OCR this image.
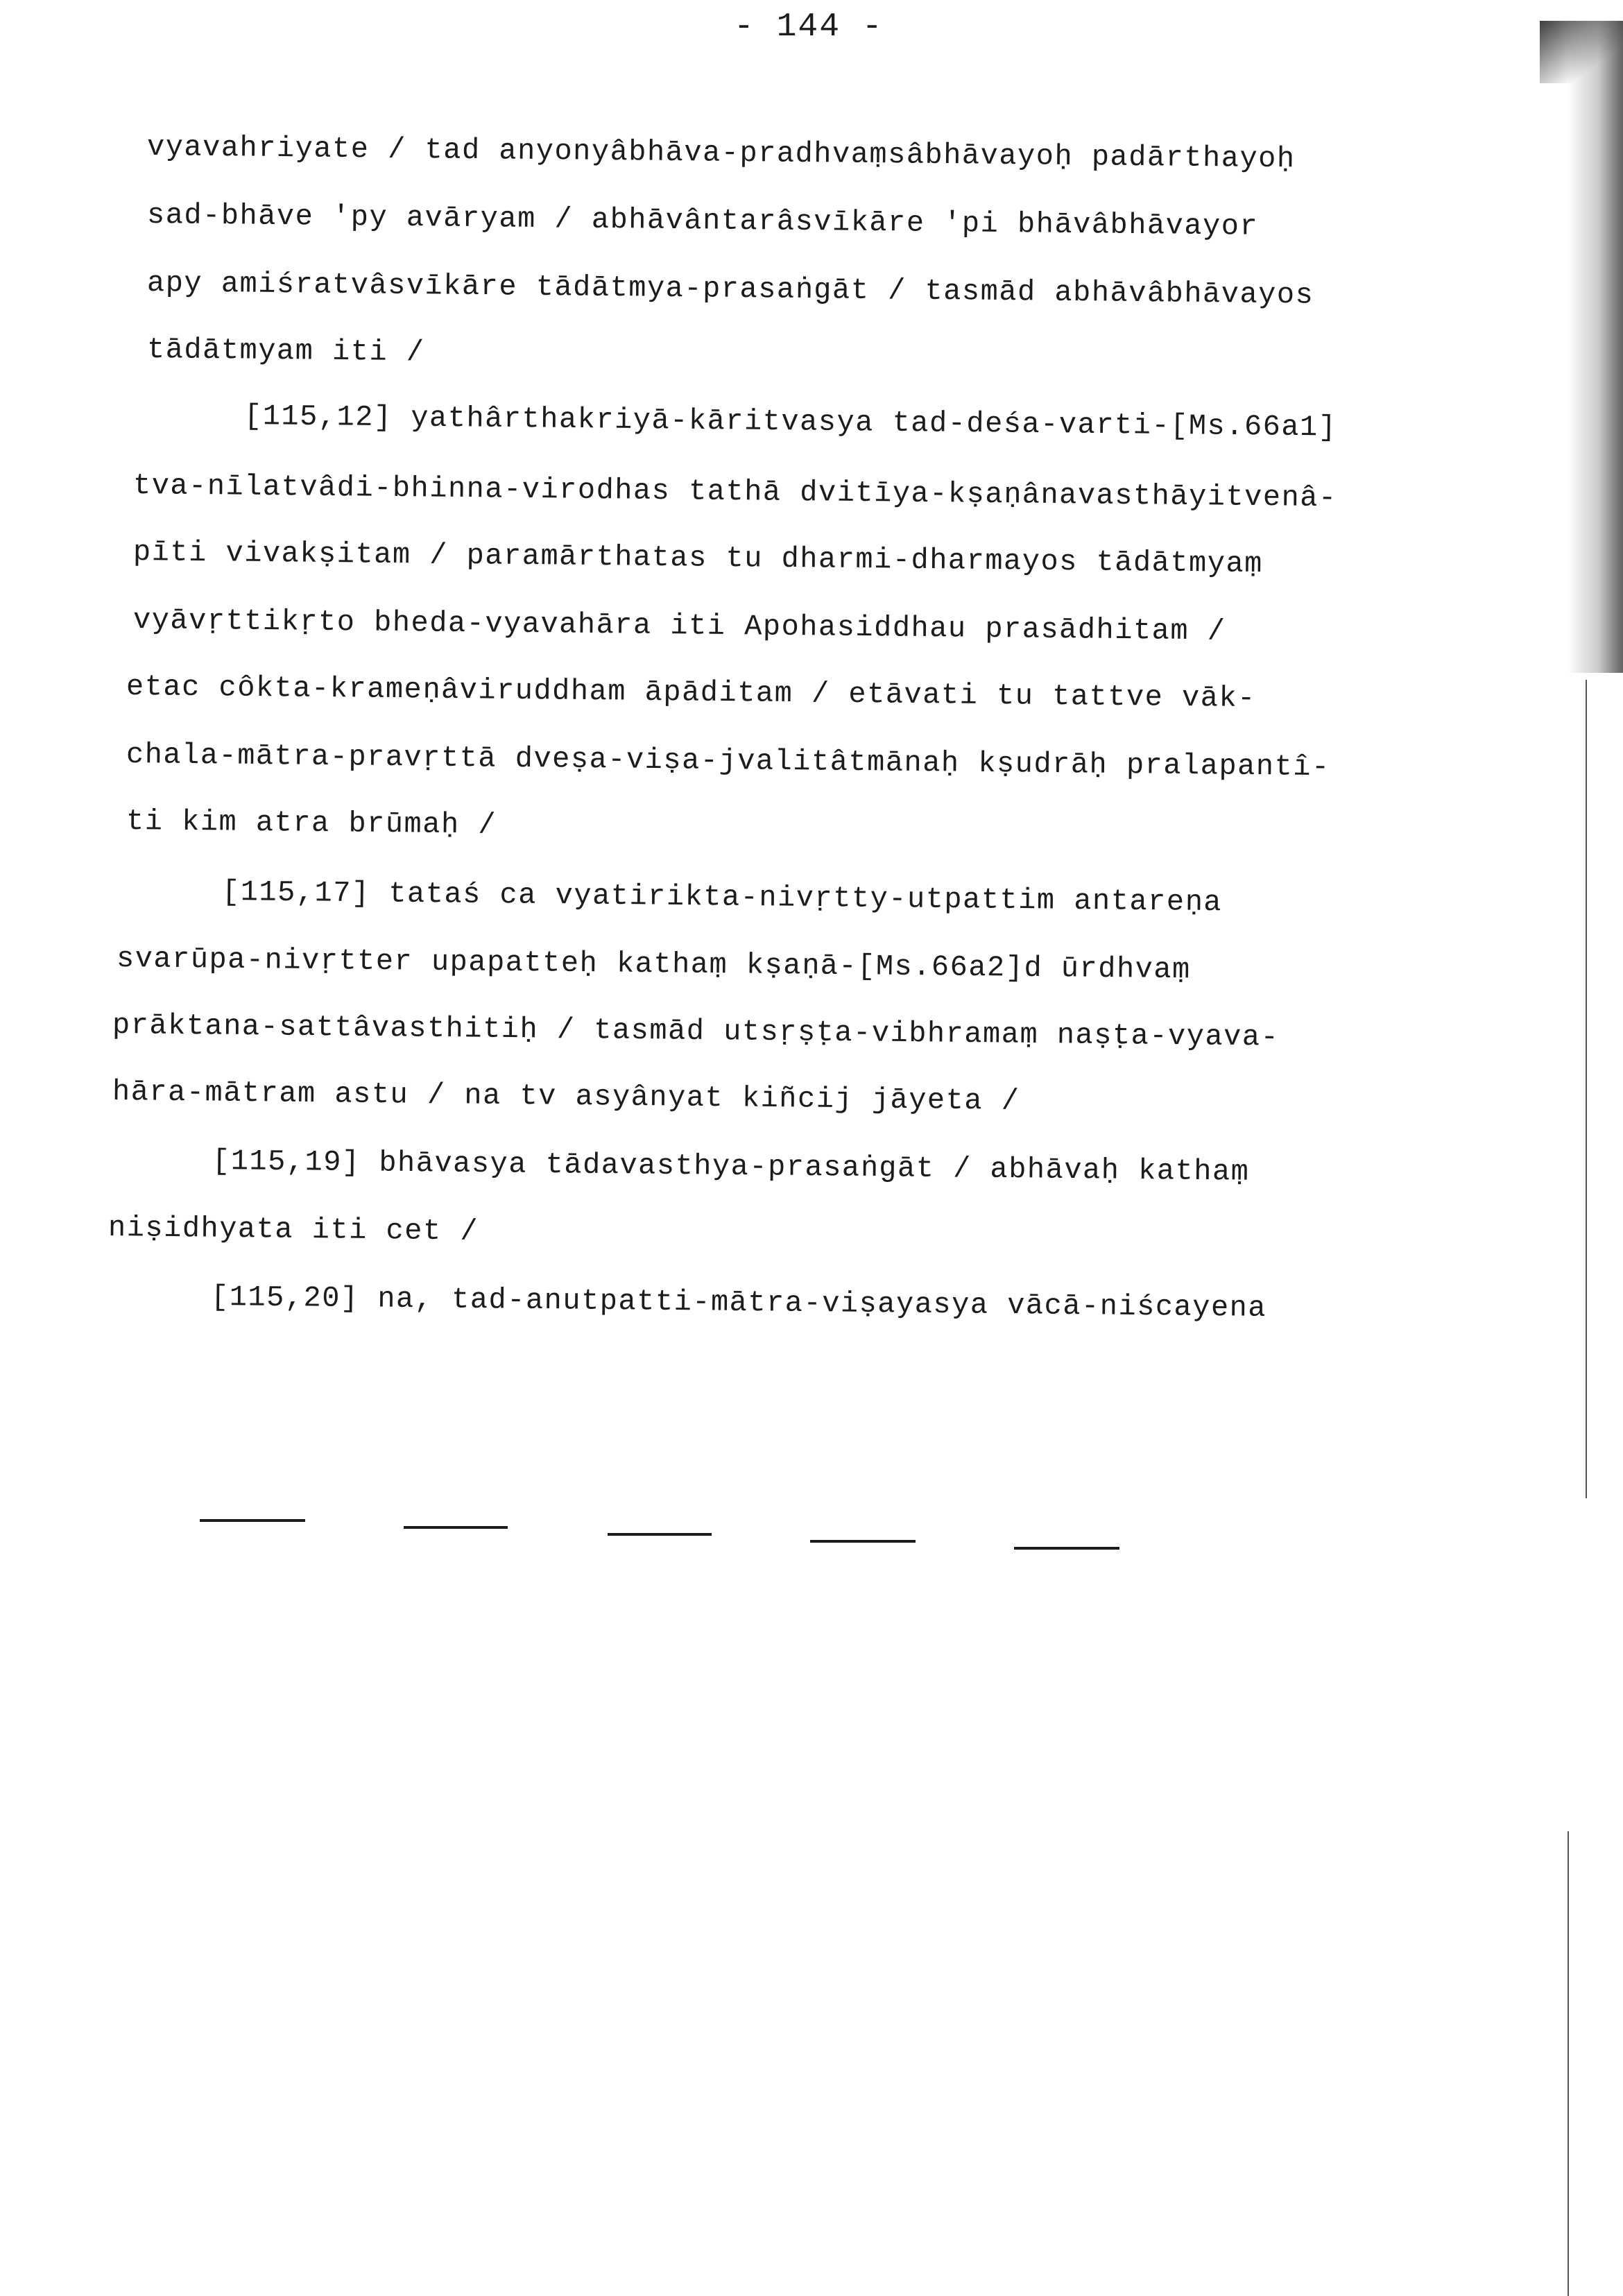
- 144 -
vyavahriyate / tad anyonyâbhāva-pradhvaṃsâbhāvayoḥ padārthayoḥ
sad-bhāve 'py avāryam / abhāvântarâsvīkāre 'pi bhāvâbhāvayor
apy amiśratvâsvīkāre tādātmya-prasaṅgāt / tasmād abhāvâbhāvayos
tādātmyam iti /
[115,12] yathârthakriyā-kāritvasya tad-deśa-varti-[Ms.66a1]
tva-nīlatvâdi-bhinna-virodhas tathā dvitīya-kṣaṇânavasthāyitvenâ-
pīti vivakṣitam / paramārthatas tu dharmi-dharmayos tādātmyaṃ
vyāvṛttikṛto bheda-vyavahāra iti Apohasiddhau prasādhitam /
etac côkta-krameṇâviruddham āpāditam / etāvati tu tattve vāk-
chala-mātra-pravṛttā dveṣa-viṣa-jvalitâtmānaḥ kṣudrāḥ pralapantî-
ti kim atra brūmaḥ /
[115,17] tataś ca vyatirikta-nivṛtty-utpattim antareṇa
svarūpa-nivṛtter upapatteḥ kathaṃ kṣaṇā-[Ms.66a2]d ūrdhvaṃ
prāktana-sattâvasthitiḥ / tasmād utsṛṣṭa-vibhramaṃ naṣṭa-vyava-
hāra-mātram astu / na tv asyânyat kiñcij jāyeta /
[115,19] bhāvasya tādavasthya-prasaṅgāt / abhāvaḥ kathaṃ
niṣidhyata iti cet /
[115,20] na, tad-anutpatti-mātra-viṣayasya vācā-niścayena
